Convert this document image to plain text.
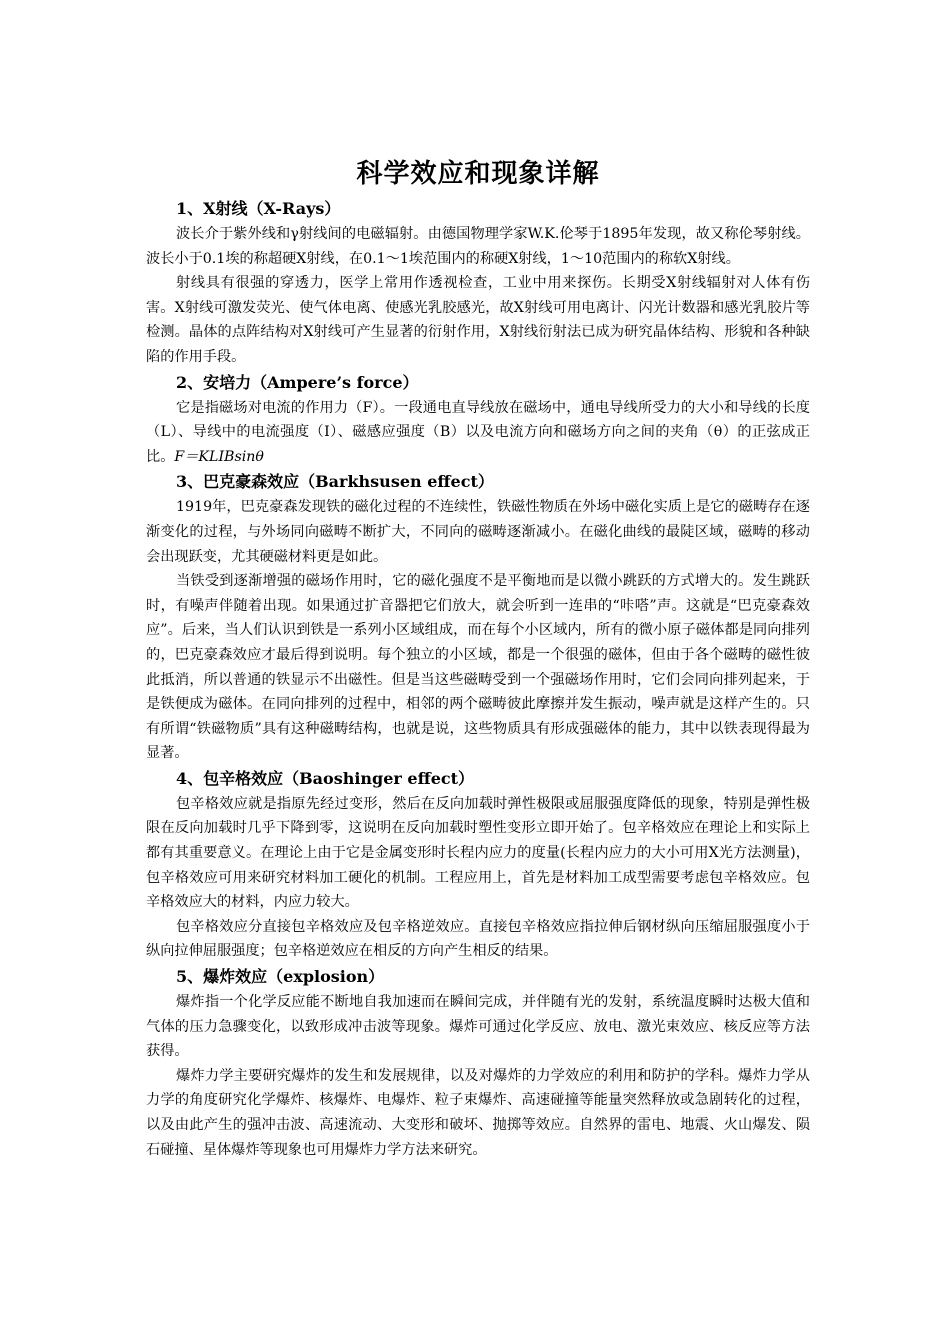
科学效应和现象详解
1、X射线（X-Rays）

波长介于紫外线和γ射线间的电磁辐射。由德国物理学家W.K.伦琴于1895年发现，故又称伦琴射线。波长小于0.1埃的称超硬X射线，在0.1～1埃范围内的称硬X射线，1～10范围内的称软X射线。

射线具有很强的穿透力，医学上常用作透视检查，工业中用来探伤。长期受X射线辐射对人体有伤害。X射线可激发荧光、使气体电离、使感光乳胶感光，故X射线可用电离计、闪光计数器和感光乳胶片等检测。晶体的点阵结构对X射线可产生显著的衍射作用，X射线衍射法已成为研究晶体结构、形貌和各种缺陷的作用手段。

2、安培力（Ampere’s force）

它是指磁场对电流的作用力（F）。一段通电直导线放在磁场中，通电导线所受力的大小和导线的长度（L）、导线中的电流强度（I）、磁感应强度（B）以及电流方向和磁场方向之间的夹角（θ）的正弦成正比。F＝KLIBsinθ

3、巴克豪森效应（Barkhsusen effect）

1919年，巴克豪森发现铁的磁化过程的不连续性，铁磁性物质在外场中磁化实质上是它的磁畴存在逐渐变化的过程，与外场同向磁畴不断扩大，不同向的磁畴逐渐减小。在磁化曲线的最陡区域，磁畴的移动会出现跃变，尤其硬磁材料更是如此。

当铁受到逐渐增强的磁场作用时，它的磁化强度不是平衡地而是以微小跳跃的方式增大的。发生跳跃时，有噪声伴随着出现。如果通过扩音器把它们放大，就会听到一连串的“咔嗒”声。这就是“巴克豪森效应”。后来，当人们认识到铁是一系列小区域组成，而在每个小区域内，所有的微小原子磁体都是同向排列的，巴克豪森效应才最后得到说明。每个独立的小区域，都是一个很强的磁体，但由于各个磁畴的磁性彼此抵消，所以普通的铁显示不出磁性。但是当这些磁畴受到一个强磁场作用时，它们会同向排列起来，于是铁便成为磁体。在同向排列的过程中，相邻的两个磁畴彼此摩擦并发生振动，噪声就是这样产生的。只有所谓“铁磁物质”具有这种磁畴结构，也就是说，这些物质具有形成强磁体的能力，其中以铁表现得最为显著。

4、包辛格效应（Baoshinger effect）

包辛格效应就是指原先经过变形，然后在反向加载时弹性极限或屈服强度降低的现象，特别是弹性极限在反向加载时几乎下降到零，这说明在反向加载时塑性变形立即开始了。包辛格效应在理论上和实际上都有其重要意义。在理论上由于它是金属变形时长程内应力的度量(长程内应力的大小可用X光方法测量)，包辛格效应可用来研究材料加工硬化的机制。工程应用上，首先是材料加工成型需要考虑包辛格效应。包辛格效应大的材料，内应力较大。

包辛格效应分直接包辛格效应及包辛格逆效应。直接包辛格效应指拉伸后钢材纵向压缩屈服强度小于纵向拉伸屈服强度；包辛格逆效应在相反的方向产生相反的结果。

5、爆炸效应（explosion）

爆炸指一个化学反应能不断地自我加速而在瞬间完成，并伴随有光的发射，系统温度瞬时达极大值和气体的压力急骤变化，以致形成冲击波等现象。爆炸可通过化学反应、放电、激光束效应、核反应等方法获得。

爆炸力学主要研究爆炸的发生和发展规律，以及对爆炸的力学效应的利用和防护的学科。爆炸力学从力学的角度研究化学爆炸、核爆炸、电爆炸、粒子束爆炸、高速碰撞等能量突然释放或急剧转化的过程，以及由此产生的强冲击波、高速流动、大变形和破坏、抛掷等效应。自然界的雷电、地震、火山爆发、陨石碰撞、星体爆炸等现象也可用爆炸力学方法来研究。
